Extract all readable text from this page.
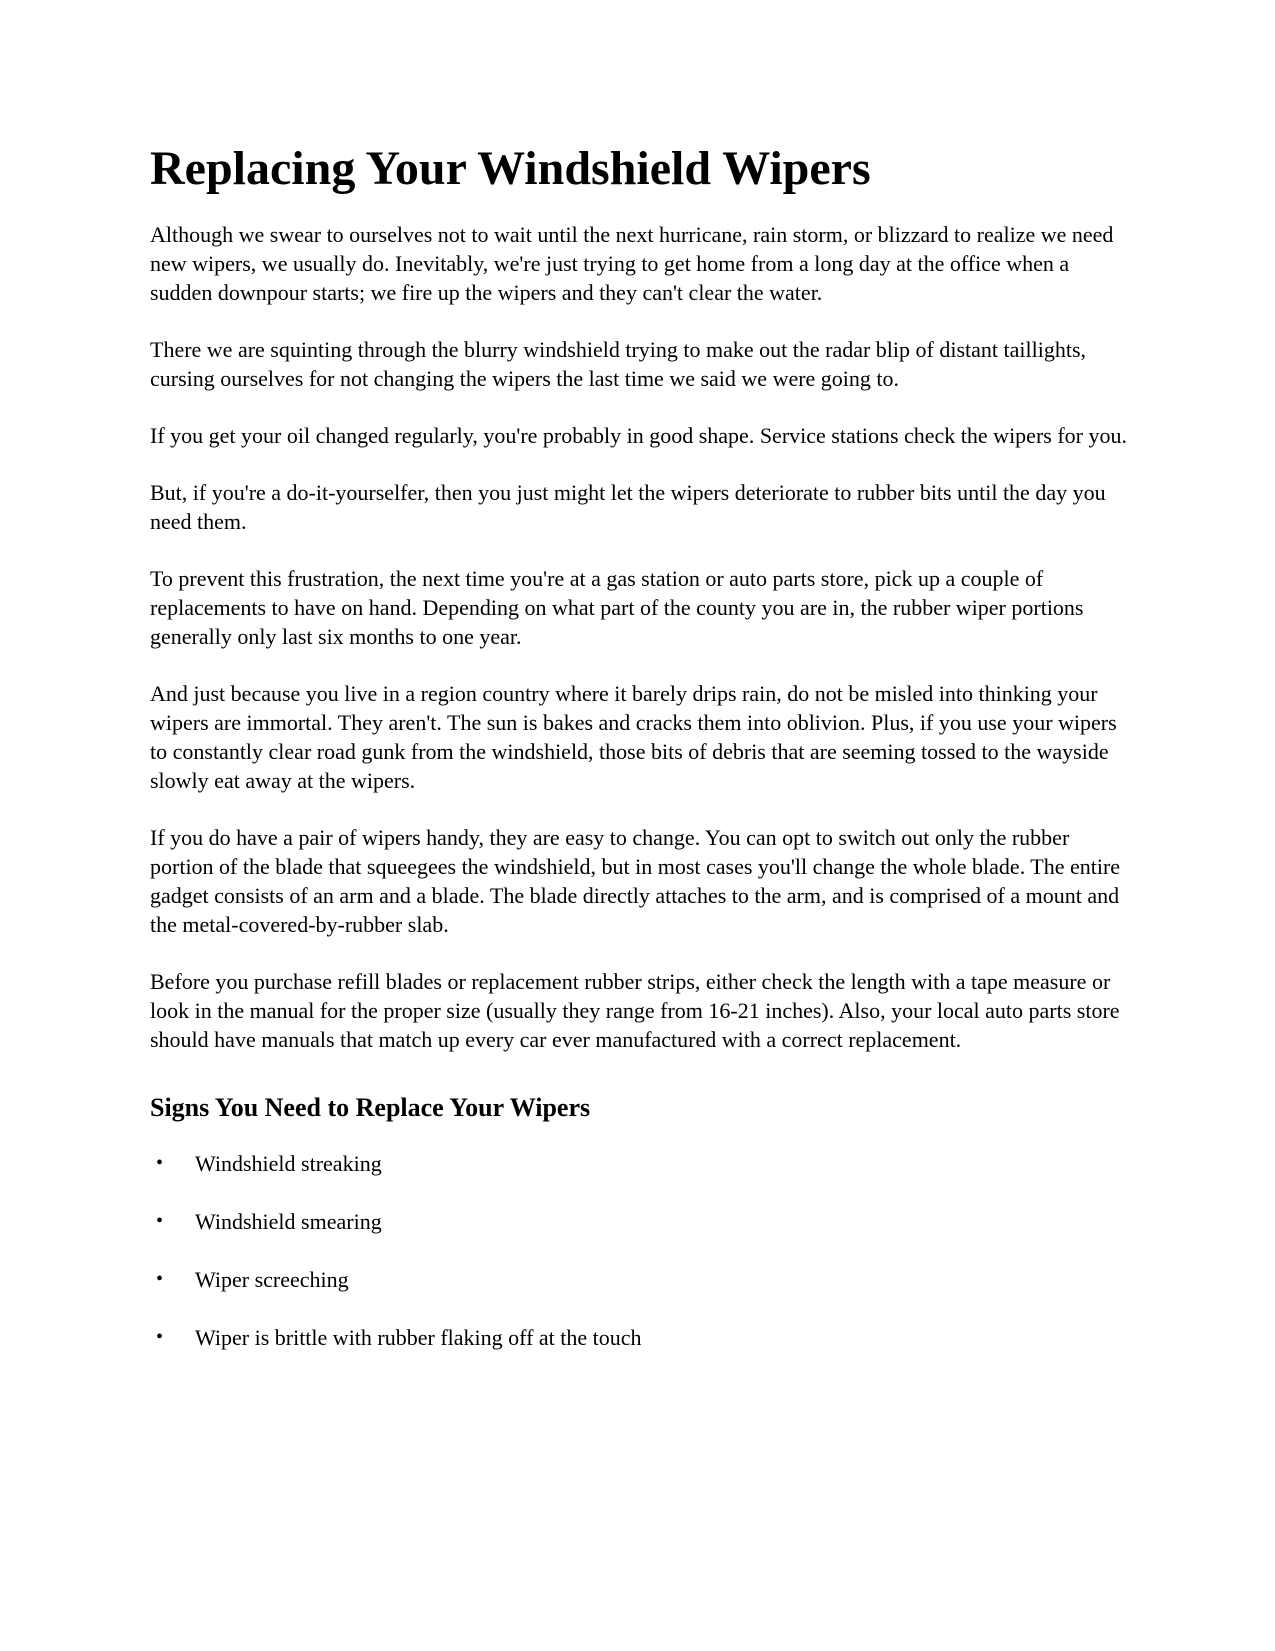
Replacing Your Windshield Wipers

Although we swear to ourselves not to wait until the next hurricane, rain storm, or blizzard to realize we need new wipers, we usually do. Inevitably, we're just trying to get home from a long day at the office when a sudden downpour starts; we fire up the wipers and they can't clear the water.

There we are squinting through the blurry windshield trying to make out the radar blip of distant taillights, cursing ourselves for not changing the wipers the last time we said we were going to.

If you get your oil changed regularly, you're probably in good shape. Service stations check the wipers for you.

But, if you're a do-it-yourselfer, then you just might let the wipers deteriorate to rubber bits until the day you need them.

To prevent this frustration, the next time you're at a gas station or auto parts store, pick up a couple of replacements to have on hand. Depending on what part of the county you are in, the rubber wiper portions generally only last six months to one year.

And just because you live in a region country where it barely drips rain, do not be misled into thinking your wipers are immortal. They aren't. The sun is bakes and cracks them into oblivion. Plus, if you use your wipers to constantly clear road gunk from the windshield, those bits of debris that are seeming tossed to the wayside slowly eat away at the wipers.

If you do have a pair of wipers handy, they are easy to change. You can opt to switch out only the rubber portion of the blade that squeegees the windshield, but in most cases you'll change the whole blade. The entire gadget consists of an arm and a blade. The blade directly attaches to the arm, and is comprised of a mount and the metal-covered-by-rubber slab.

Before you purchase refill blades or replacement rubber strips, either check the length with a tape measure or look in the manual for the proper size (usually they range from 16-21 inches). Also, your local auto parts store should have manuals that match up every car ever manufactured with a correct replacement.

Signs You Need to Replace Your Wipers
• Windshield streaking
• Windshield smearing
• Wiper screeching
• Wiper is brittle with rubber flaking off at the touch
